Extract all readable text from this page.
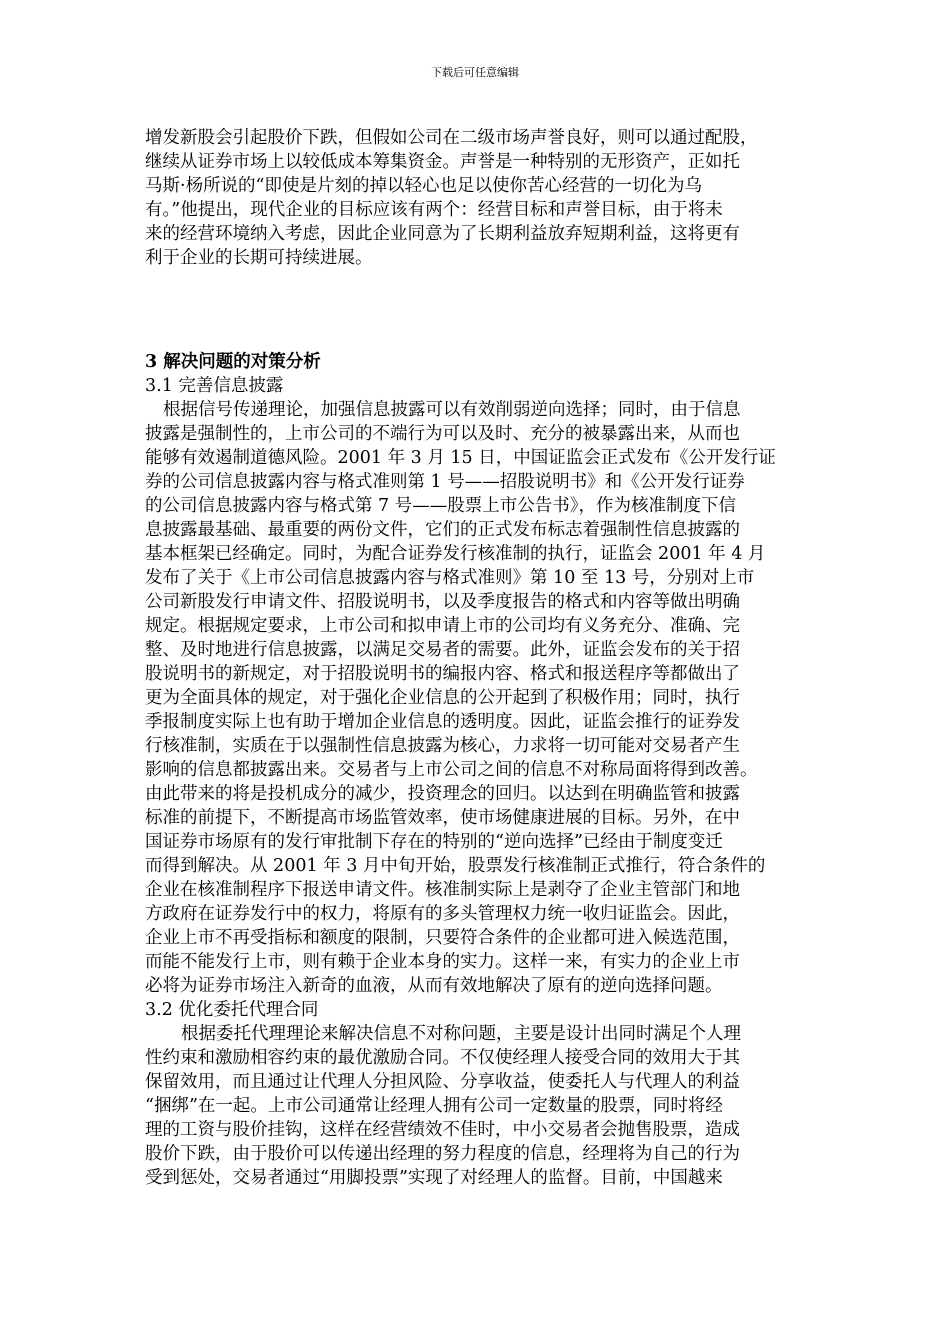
下载后可任意编辑
增发新股会引起股价下跌，但假如公司在二级市场声誉良好，则可以通过配股，
继续从证券市场上以较低成本筹集资金。声誉是一种特别的无形资产，正如托
马斯·杨所说的“即使是片刻的掉以轻心也足以使你苦心经营的一切化为乌
有。”他提出，现代企业的目标应该有两个：经营目标和声誉目标，由于将未
来的经营环境纳入考虑，因此企业同意为了长期利益放弃短期利益，这将更有
利于企业的长期可持续进展。
3 解决问题的对策分析
3.1 完善信息披露
根据信号传递理论，加强信息披露可以有效削弱逆向选择；同时，由于信息
披露是强制性的，上市公司的不端行为可以及时、充分的被暴露出来，从而也
能够有效遏制道德风险。2001 年 3 月 15 日，中国证监会正式发布《公开发行证
券的公司信息披露内容与格式准则第 1 号——招股说明书》和《公开发行证券
的公司信息披露内容与格式第 7 号——股票上市公告书》，作为核准制度下信
息披露最基础、最重要的两份文件，它们的正式发布标志着强制性信息披露的
基本框架已经确定。同时，为配合证券发行核准制的执行，证监会 2001 年 4 月
发布了关于《上市公司信息披露内容与格式准则》第 10 至 13 号，分别对上市
公司新股发行申请文件、招股说明书，以及季度报告的格式和内容等做出明确
规定。根据规定要求，上市公司和拟申请上市的公司均有义务充分、准确、完
整、及时地进行信息披露，以满足交易者的需要。此外，证监会发布的关于招
股说明书的新规定，对于招股说明书的编报内容、格式和报送程序等都做出了
更为全面具体的规定，对于强化企业信息的公开起到了积极作用；同时，执行
季报制度实际上也有助于增加企业信息的透明度。因此，证监会推行的证券发
行核准制，实质在于以强制性信息披露为核心，力求将一切可能对交易者产生
影响的信息都披露出来。交易者与上市公司之间的信息不对称局面将得到改善。
由此带来的将是投机成分的减少，投资理念的回归。以达到在明确监管和披露
标准的前提下，不断提高市场监管效率，使市场健康进展的目标。另外，在中
国证券市场原有的发行审批制下存在的特别的“逆向选择”已经由于制度变迁
而得到解决。从 2001 年 3 月中旬开始，股票发行核准制正式推行，符合条件的
企业在核准制程序下报送申请文件。核准制实际上是剥夺了企业主管部门和地
方政府在证券发行中的权力，将原有的多头管理权力统一收归证监会。因此，
企业上市不再受指标和额度的限制，只要符合条件的企业都可进入候选范围，
而能不能发行上市，则有赖于企业本身的实力。这样一来，有实力的企业上市
必将为证券市场注入新奇的血液，从而有效地解决了原有的逆向选择问题。
3.2 优化委托代理合同
根据委托代理理论来解决信息不对称问题，主要是设计出同时满足个人理
性约束和激励相容约束的最优激励合同。不仅使经理人接受合同的效用大于其
保留效用，而且通过让代理人分担风险、分享收益，使委托人与代理人的利益
“捆绑”在一起。上市公司通常让经理人拥有公司一定数量的股票，同时将经
理的工资与股价挂钩，这样在经营绩效不佳时，中小交易者会抛售股票，造成
股价下跌，由于股价可以传递出经理的努力程度的信息，经理将为自己的行为
受到惩处，交易者通过“用脚投票”实现了对经理人的监督。目前，中国越来
